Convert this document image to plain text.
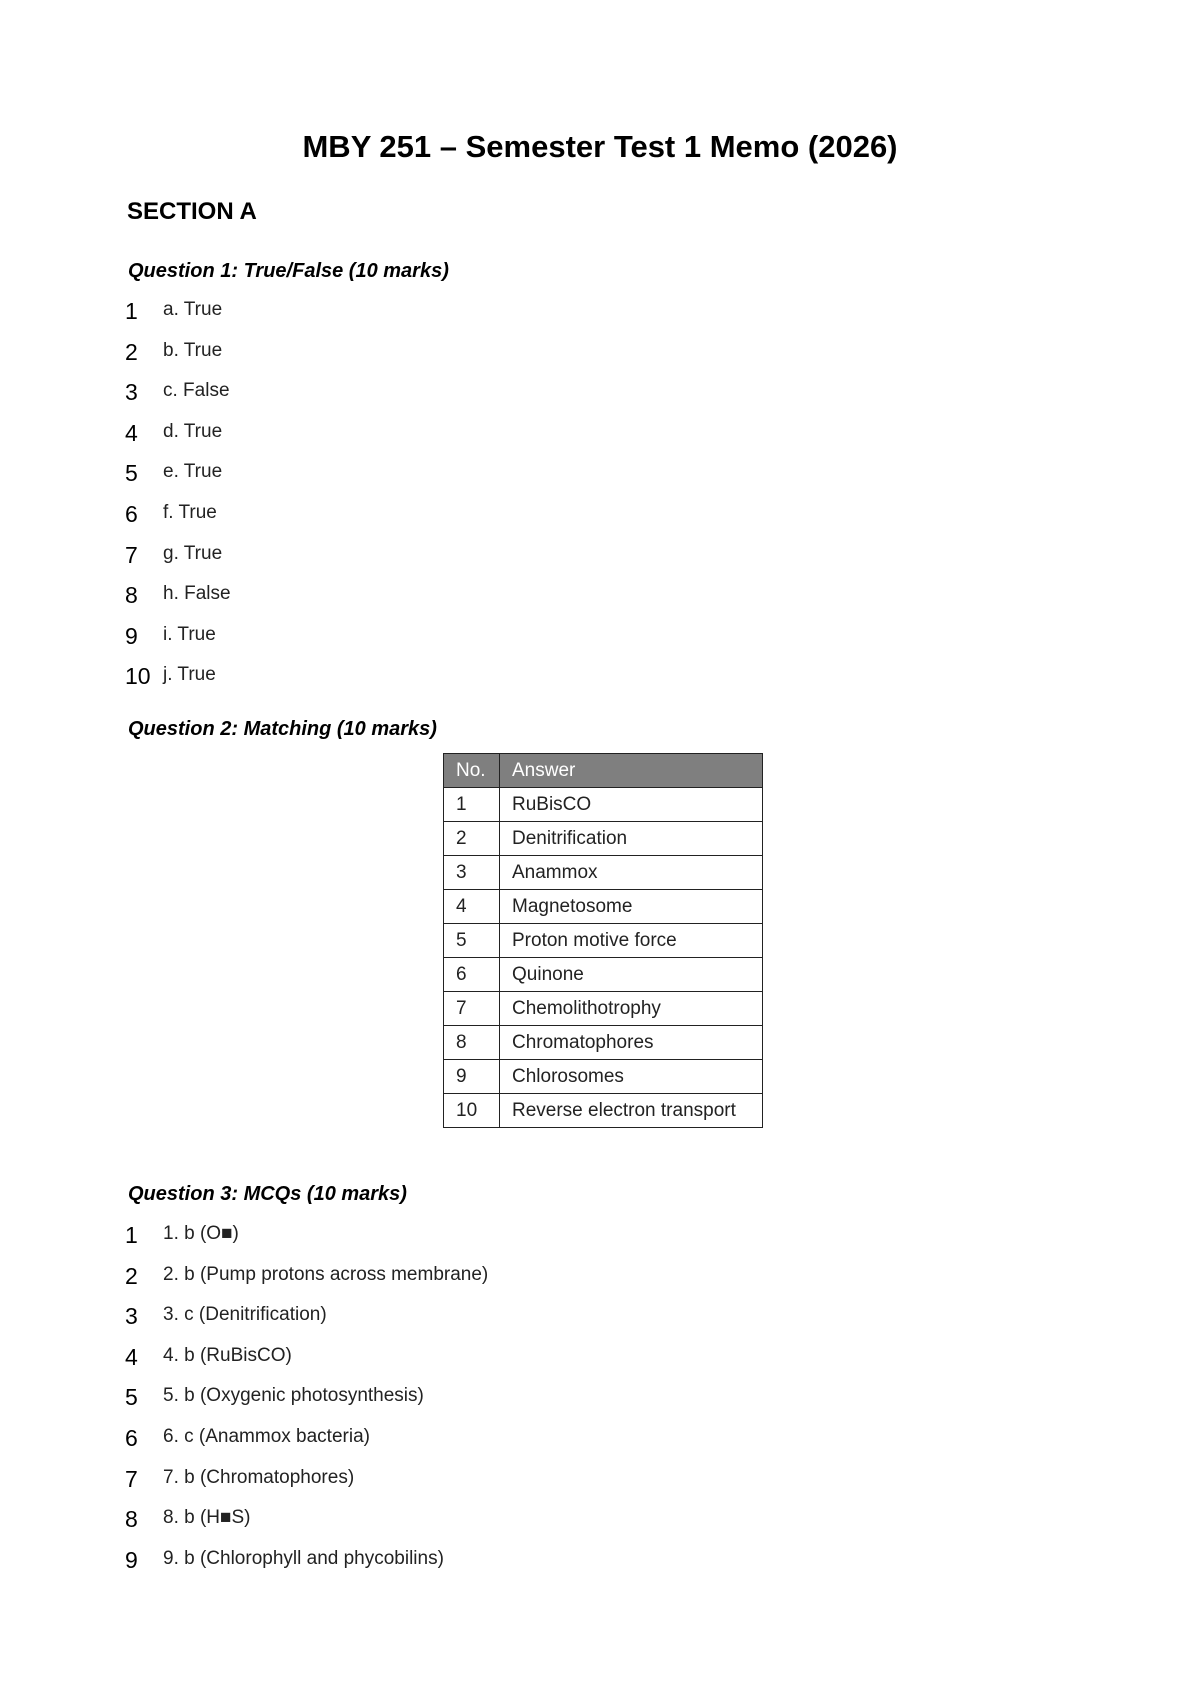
MBY 251 – Semester Test 1 Memo (2026)
SECTION A
Question 1: True/False (10 marks)
1	a. True
2	b. True
3	c. False
4	d. True
5	e. True
6	f. True
7	g. True
8	h. False
9	i. True
10 j. True
Question 2: Matching (10 marks)
No.	Answer
1	RuBisCO
2	Denitrification
3	Anammox
4	Magnetosome
5	Proton motive force
6	Quinone
7	Chemolithotrophy
8	Chromatophores
9	Chlorosomes
10	Reverse electron transport
Question 3: MCQs (10 marks)
1	1. b (O■)
2	2. b (Pump protons across membrane)
3	3. c (Denitrification)
4	4. b (RuBisCO)
5	5. b (Oxygenic photosynthesis)
6	6. c (Anammox bacteria)
7	7. b (Chromatophores)
8	8. b (H■S)
9	9. b (Chlorophyll and phycobilins)
